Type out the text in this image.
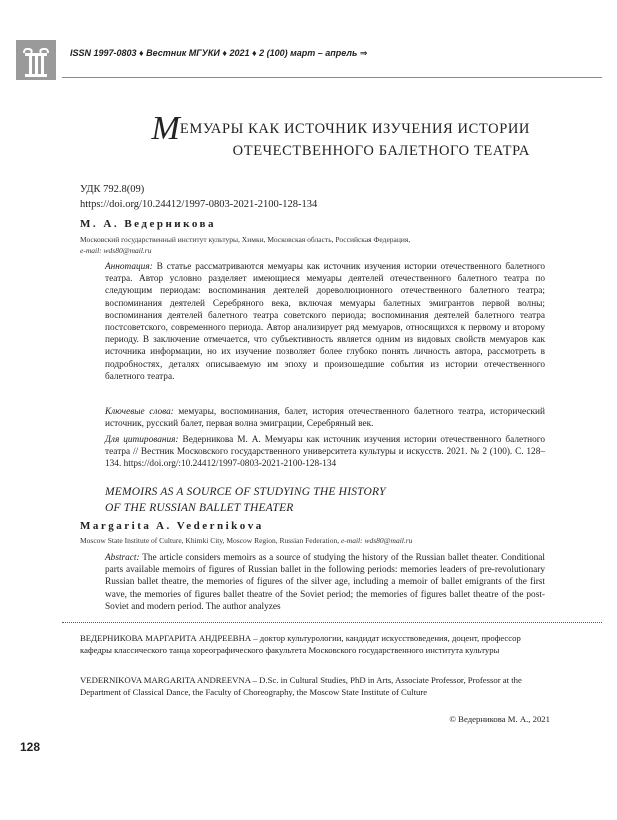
ISSN 1997-0803 ♦ Вестник МГУКИ ♦ 2021 ♦ 2 (100) март – апрель ⇒
МЕМУАРЫ КАК ИСТОЧНИК ИЗУЧЕНИЯ ИСТОРИИ
ОТЕЧЕСТВЕННОГО БАЛЕТНОГО ТЕАТРА
УДК 792.8(09)
https://doi.org/10.24412/1997-0803-2021-2100-128-134
М. А. Ведерникова
Московский государственный институт культуры, Химки, Московская область, Российская Федерация,
e-mail: wds80@mail.ru
Аннотация: В статье рассматриваются мемуары как источник изучения истории отечественного балетного театра. Автор условно разделяет имеющиеся мемуары деятелей отечественного балетного театра по следующим периодам: воспоминания деятелей дореволюционного отечественного балетного театра; воспоминания деятелей Серебряного века, включая мемуары балетных эмигрантов первой волны; воспоминания деятелей балетного театра советского периода; воспоминания деятелей балетного театра постсоветского, современного периода. Автор анализирует ряд мемуаров, относящихся к первому и второму периоду. В заключение отмечается, что субъективность является одним из видовых свойств мемуаров как источника информации, но их изучение позволяет более глубоко понять личность автора, рассмотреть в подробностях, деталях описываемую им эпоху и произошедшие события из истории отечественного балетного театра.
Ключевые слова: мемуары, воспоминания, балет, история отечественного балетного театра, исторический источник, русский балет, первая волна эмиграции, Серебряный век.
Для цитирования: Ведерникова М. А. Мемуары как источник изучения истории отечественного балетного театра // Вестник Московского государственного университета культуры и искусств. 2021. № 2 (100). С. 128–134. https://doi.org/:10.24412/1997-0803-2021-2100-128-134
MEMOIRS AS A SOURCE OF STUDYING THE HISTORY
OF THE RUSSIAN BALLET THEATER
Margarita A. Vedernikova
Moscow State Institute of Culture, Khimki City, Moscow Region, Russian Federation, e-mail: wds80@mail.ru
Abstract: The article considers memoirs as a source of studying the history of the Russian ballet theater. Conditional parts available memoirs of figures of Russian ballet in the following periods: memories leaders of pre-revolutionary Russian ballet theatre, the memories of figures of the silver age, including a memoir of ballet emigrants of the first wave, the memories of figures ballet theatre of the Soviet period; the memories of figures ballet theatre of the post-Soviet and modern period. The author analyzes
ВЕДЕРНИКОВА МАРГАРИТА АНДРЕЕВНА – доктор культурологии, кандидат искусствоведения, доцент, профессор кафедры классического танца хореографического факультета Московского государственного института культуры
VEDERNIKOVA MARGARITA ANDREEVNA – D.Sc. in Cultural Studies, PhD in Arts, Associate Professor, Professor at the Department of Classical Dance, the Faculty of Choreography, the Moscow State Institute of Culture
© Ведерникова М. А., 2021
128
